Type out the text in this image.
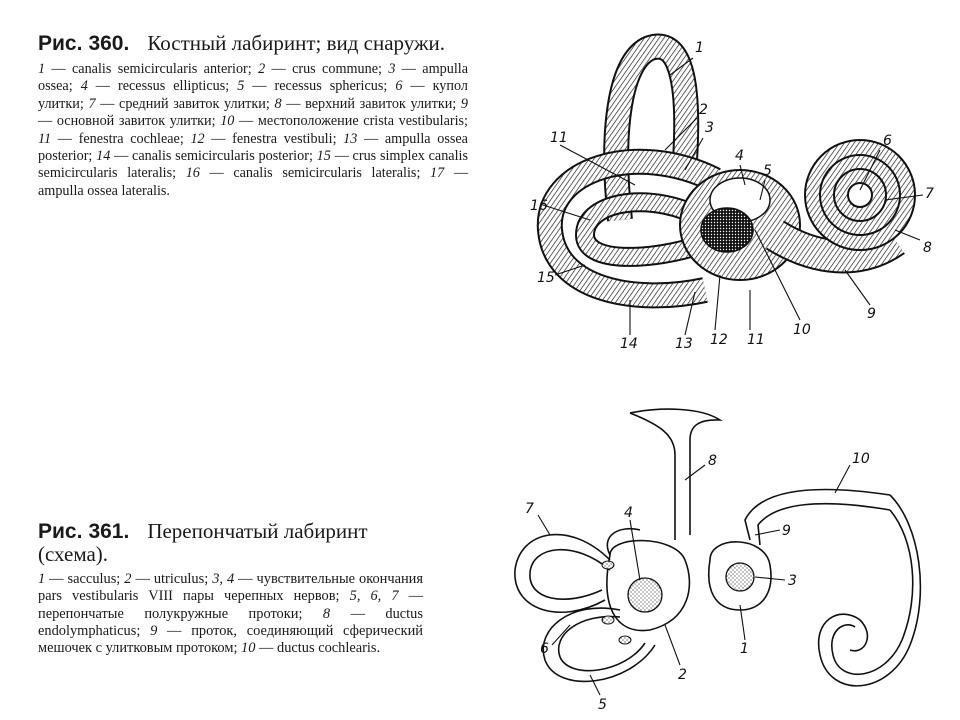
Рис. 360. Костный лабиринт; вид снаружи.
1 — canalis semicircularis anterior; 2 — crus commune; 3 — ampulla ossea; 4 — recessus ellipticus; 5 — recessus sphericus; 6 — купол улитки; 7 — средний завиток улитки; 8 — верхний завиток улитки; 9 — основной завиток улитки; 10 — местоположение crista vestibularis; 11 — fenestra cochleae; 12 — fenestra vestibuli; 13 — ampulla ossea posterior; 14 — canalis semicircularis posterior; 15 — crus simplex canalis semicircularis lateralis; 16 — canalis semicircularis lateralis; 17 — ampulla ossea lateralis.
Рис. 361. Перепончатый лабиринт (схема).
1 — sacculus; 2 — utriculus; 3, 4 — чувствительные окончания pars vestibularis VIII пары черепных нервов; 5, 6, 7 — перепончатые полукружные протоки; 8 — ductus endolymphaticus; 9 — проток, соединяющий сферический мешочек с улитковым протоком; 10 — ductus cochlearis.
1
2
3
4
5
6
7
8
9
10
11
12
13
14
15
16
11
1
2
3
4
5
6
7
8
9
10
